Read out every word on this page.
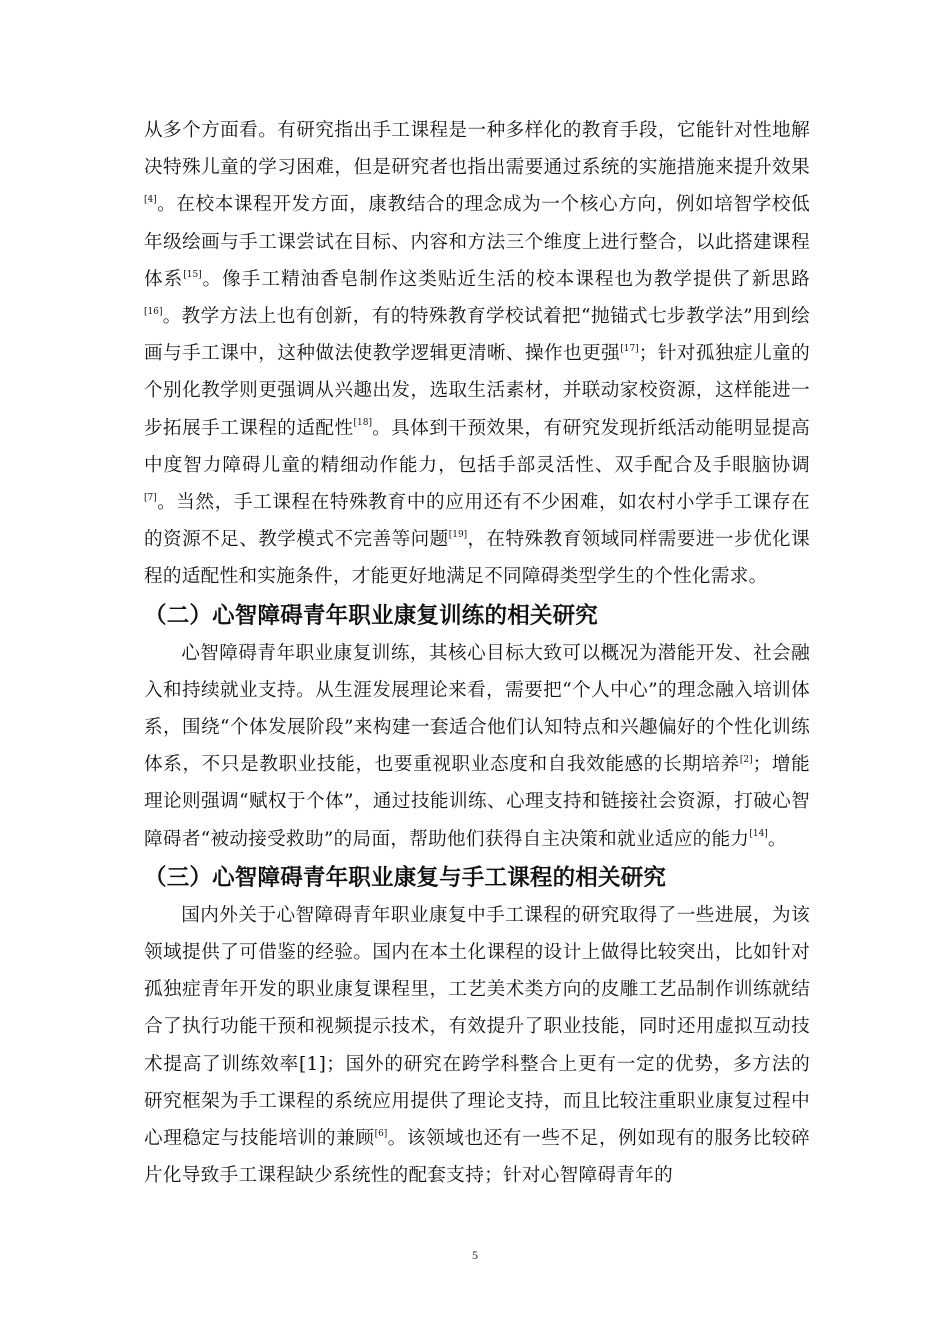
从多个方面看。有研究指出手工课程是一种多样化的教育手段，它能针对性地解决特殊儿童的学习困难，但是研究者也指出需要通过系统的实施措施来提升效果[4]。在校本课程开发方面，康教结合的理念成为一个核心方向，例如培智学校低年级绘画与手工课尝试在目标、内容和方法三个维度上进行整合，以此搭建课程体系[15]。像手工精油香皂制作这类贴近生活的校本课程也为教学提供了新思路[16]。教学方法上也有创新，有的特殊教育学校试着把“抛锚式七步教学法”用到绘画与手工课中，这种做法使教学逻辑更清晰、操作也更强[17]；针对孤独症儿童的个别化教学则更强调从兴趣出发，选取生活素材，并联动家校资源，这样能进一步拓展手工课程的适配性[18]。具体到干预效果，有研究发现折纸活动能明显提高中度智力障碍儿童的精细动作能力，包括手部灵活性、双手配合及手眼脑协调[7]。当然，手工课程在特殊教育中的应用还有不少困难，如农村小学手工课存在的资源不足、教学模式不完善等问题[19]，在特殊教育领域同样需要进一步优化课程的适配性和实施条件，才能更好地满足不同障碍类型学生的个性化需求。

（二）心智障碍青年职业康复训练的相关研究

心智障碍青年职业康复训练，其核心目标大致可以概况为潜能开发、社会融入和持续就业支持。从生涯发展理论来看，需要把“个人中心”的理念融入培训体系，围绕“个体发展阶段”来构建一套适合他们认知特点和兴趣偏好的个性化训练体系，不只是教职业技能，也要重视职业态度和自我效能感的长期培养[2]；增能理论则强调“赋权于个体”，通过技能训练、心理支持和链接社会资源，打破心智障碍者“被动接受救助”的局面，帮助他们获得自主决策和就业适应的能力[14]。

（三）心智障碍青年职业康复与手工课程的相关研究

国内外关于心智障碍青年职业康复中手工课程的研究取得了一些进展，为该领域提供了可借鉴的经验。国内在本土化课程的设计上做得比较突出，比如针对孤独症青年开发的职业康复课程里，工艺美术类方向的皮雕工艺品制作训练就结合了执行功能干预和视频提示技术，有效提升了职业技能，同时还用虚拟互动技术提高了训练效率[1]；国外的研究在跨学科整合上更有一定的优势，多方法的研究框架为手工课程的系统应用提供了理论支持，而且比较注重职业康复过程中心理稳定与技能培训的兼顾[6]。该领域也还有一些不足，例如现有的服务比较碎片化导致手工课程缺少系统性的配套支持；针对心智障碍青年的

5
